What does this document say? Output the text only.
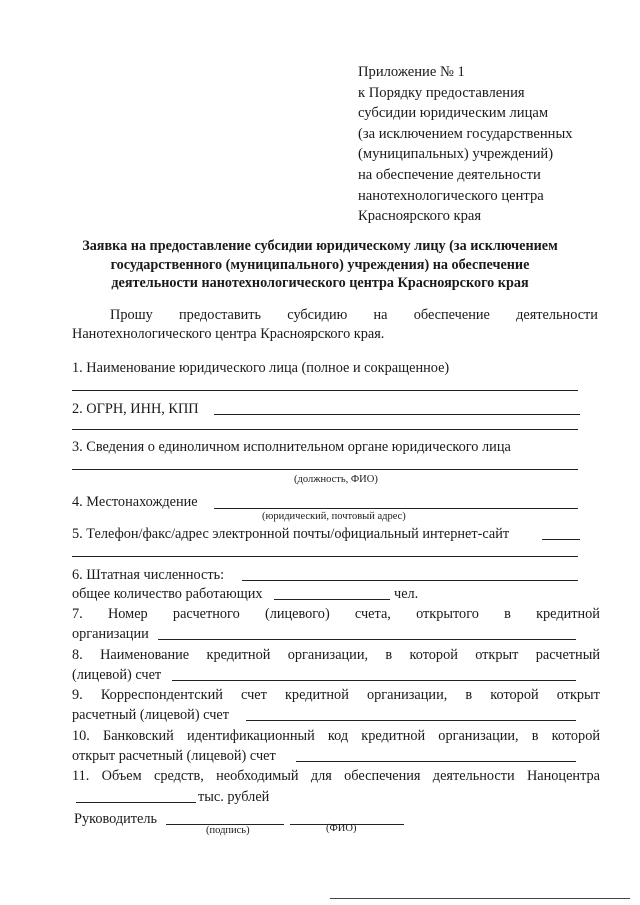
Приложение № 1
к Порядку предоставления
субсидии юридическим лицам
(за исключением государственных
(муниципальных) учреждений)
на обеспечение деятельности
нанотехнологического центра
Красноярского края
Заявка на предоставление субсидии юридическому лицу (за исключением
государственного (муниципального) учреждения) на обеспечение
деятельности нанотехнологического центра Красноярского края
Прошу предоставить субсидию на обеспечение деятельности
Нанотехнологического центра Красноярского края.
1. Наименование юридического лица (полное и сокращенное)
2. ОГРН, ИНН, КПП
3. Сведения о единоличном исполнительном органе юридического лица
(должность, ФИО)
4. Местонахождение
(юридический, почтовый адрес)
5. Телефон/факс/адрес электронной почты/официальный интернет-сайт
6. Штатная численность:
общее количество работающих	чел.
7. Номер расчетного (лицевого) счета, открытого в кредитной
организации
8. Наименование кредитной организации, в которой открыт расчетный
(лицевой) счет
9. Корреспондентский счет кредитной организации, в которой открыт
расчетный (лицевой) счет
10. Банковский идентификационный код кредитной организации, в которой
открыт расчетный (лицевой) счет
11. Объем средств, необходимый для обеспечения деятельности Наноцентра
тыс. рублей
Руководитель
(подпись)	(ФИО)
